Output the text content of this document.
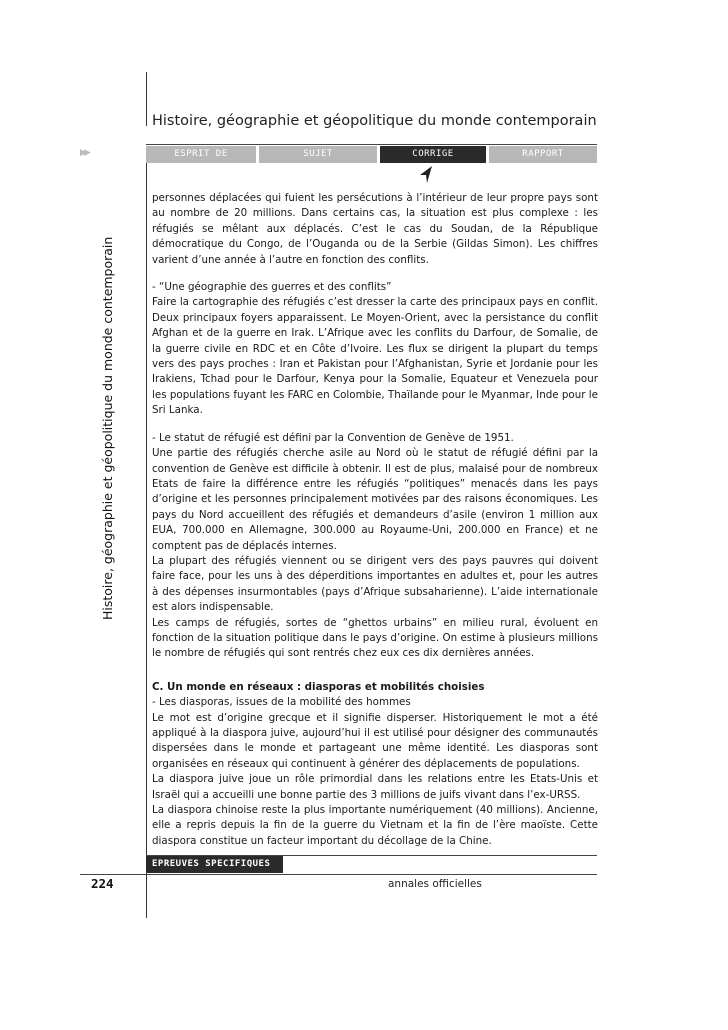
Histoire, géographie et géopolitique du monde contemporain
▶▶	ESPRIT DE L’EPREUVE
SUJET	CORRIGE	RAPPORT
Histoire, géographie et géopolitique du monde contemporain

personnes déplacées qui fuient les persécutions à l’intérieur de leur propre pays sont au nombre de 20 millions. Dans certains cas, la situation est plus complexe : les réfugiés se mêlant aux déplacés. C’est le cas du Soudan, de la République démocratique du Congo, de l’Ouganda ou de la Serbie (Gildas Simon). Les chiffres varient d’une année à l’autre en fonction des conflits.

- “Une géographie des guerres et des conflits”

Faire la cartographie des réfugiés c’est dresser la carte des principaux pays en conflit. Deux principaux foyers apparaissent. Le Moyen-Orient, avec la persistance du conflit Afghan et de la guerre en Irak. L’Afrique avec les conflits du Darfour, de Somalie, de la guerre civile en RDC et en Côte d’Ivoire. Les flux se dirigent la plupart du temps vers des pays proches : Iran et Pakistan pour l’Afghanistan, Syrie et Jordanie pour les Irakiens, Tchad pour le Darfour, Kenya pour la Somalie, Equateur et Venezuela pour les populations fuyant les FARC en Colombie, Thaïlande pour le Myanmar, Inde pour le Sri Lanka.

- Le statut de réfugié est défini par la Convention de Genève de 1951.

Une partie des réfugiés cherche asile au Nord où le statut de réfugié défini par la convention de Genève est difficile à obtenir. Il est de plus, malaisé pour de nombreux Etats de faire la différence entre les réfugiés “politiques” menacés dans les pays d’origine et les personnes principalement motivées par des raisons économiques. Les pays du Nord accueillent des réfugiés et demandeurs d’asile (environ 1 million aux EUA, 700.000 en Allemagne, 300.000 au Royaume-Uni, 200.000 en France) et ne comptent pas de déplacés internes.

La plupart des réfugiés viennent ou se dirigent vers des pays pauvres qui doivent faire face, pour les uns à des déperditions importantes en adultes et, pour les autres à des dépenses insurmontables (pays d’Afrique subsaharienne). L’aide internationale est alors indispensable.

Les camps de réfugiés, sortes de “ghettos urbains” en milieu rural, évoluent en fonction de la situation politique dans le pays d’origine. On estime à plusieurs millions le nombre de réfugiés qui sont rentrés chez eux ces dix dernières années.

C. Un monde en réseaux : diasporas et mobilités choisies

- Les diasporas, issues de la mobilité des hommes

Le mot est d’origine grecque et il signifie disperser. Historiquement le mot a été appliqué à la diaspora juive, aujourd’hui il est utilisé pour désigner des communautés dispersées dans le monde et partageant une même identité. Les diasporas sont organisées en réseaux qui continuent à générer des déplacements de populations.

La diaspora juive joue un rôle primordial dans les relations entre les Etats-Unis et Israël qui a accueilli une bonne partie des 3 millions de juifs vivant dans l’ex-URSS.

La diaspora chinoise reste la plus importante numériquement (40 millions). Ancienne, elle a repris depuis la fin de la guerre du Vietnam et la fin de l’ère maoïste. Cette diaspora constitue un facteur important du décollage de la Chine.

EPREUVES SPECIFIQUES
224	annales officielles
